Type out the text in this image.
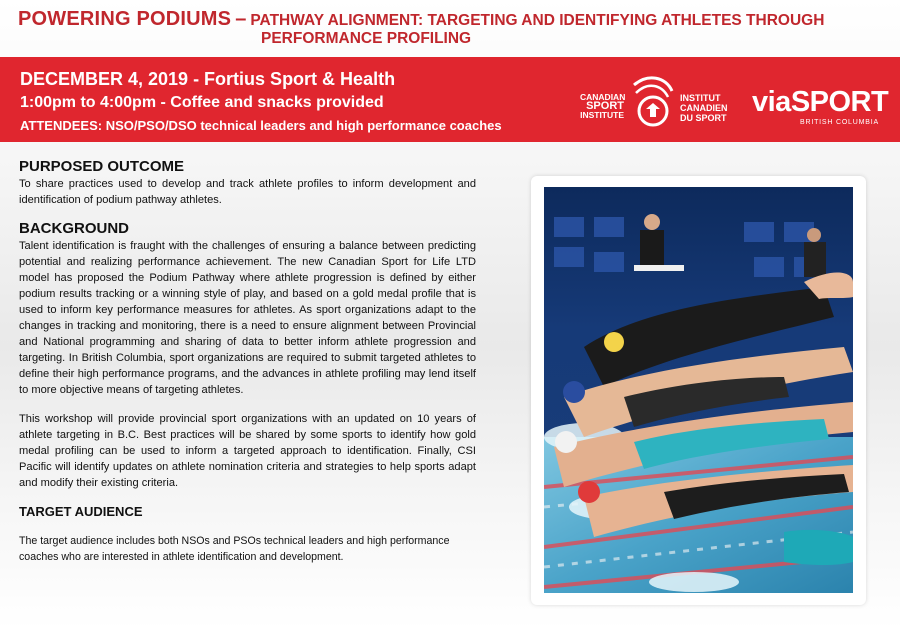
POWERING PODIUMS – PATHWAY ALIGNMENT: TARGETING AND IDENTIFYING ATHLETES THROUGH
PERFORMANCE PROFILING
DECEMBER 4, 2019 - Fortius Sport & Health
1:00pm to 4:00pm - Coffee and snacks provided
ATTENDEES: NSO/PSO/DSO technical leaders and high performance coaches
CANADIAN
SPORT
INSTITUTE
INSTITUT
CANADIEN
DU SPORT viaSPORT
BRITISH COLUMBIA
PURPOSED OUTCOME

To share practices used to develop and track athlete profiles to inform development and identification of podium pathway athletes.

BACKGROUND

Talent identification is fraught with the challenges of ensuring a balance between predicting potential and realizing performance achievement. The new Canadian Sport for Life LTD model has proposed the Podium Pathway where athlete progression is defined by either podium results tracking or a winning style of play, and based on a gold medal profile that is used to inform key performance measures for athletes. As sport organizations adapt to the changes in tracking and monitoring, there is a need to ensure alignment between Provincial and National programming and sharing of data to better inform athlete progression and targeting. In British Columbia, sport organizations are required to submit targeted athletes to define their high performance programs, and the advances in athlete profiling may lend itself to more objective means of targeting athletes.

This workshop will provide provincial sport organizations with an updated on 10 years of athlete targeting in B.C. Best practices will be shared by some sports to identify how gold medal profiling can be used to inform a targeted approach to identification. Finally, CSI Pacific will identify updates on athlete nomination criteria and strategies to help sports adapt and modify their existing criteria.

TARGET AUDIENCE

The target audience includes both NSOs and PSOs technical leaders and high performance coaches who are interested in athlete identification and development.
